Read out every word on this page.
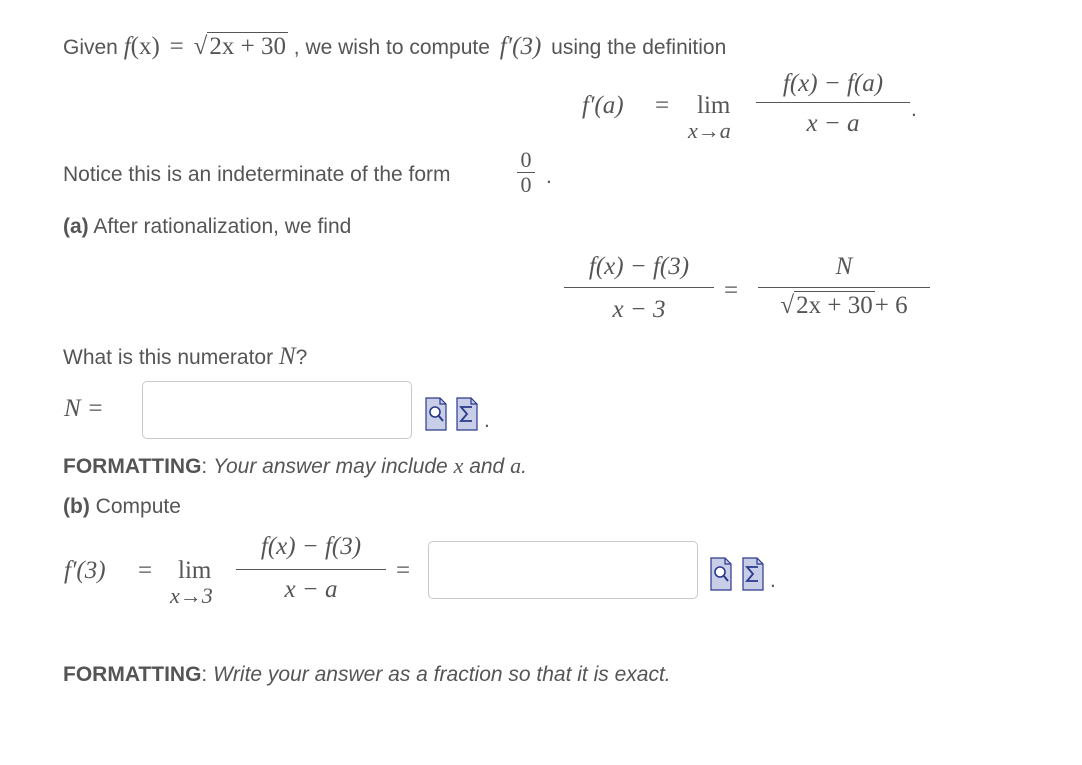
Given f(x) = √2x + 30 , we wish to compute f′(3) using the definition
f′(a) = lim
x→a
f(x) − f(a)
x − a
.
Notice this is an indeterminate of the form
0
0 .
(a) After rationalization, we find
f(x) − f(3)
x − 3
=
N
√2x + 30+ 6
What is this numerator N?
N =	.
FORMATTING: Your answer may include x and a.
(b) Compute
f′(3) = lim
x→3
f(x) − f(3)
x − a
=	.
FORMATTING: Write your answer as a fraction so that it is exact.
